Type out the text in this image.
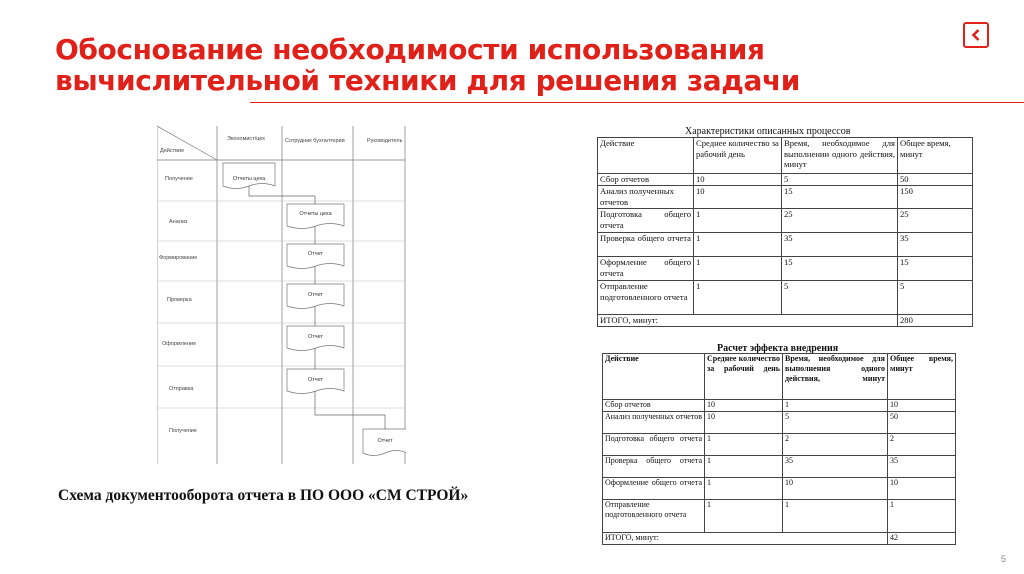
Обоснование необходимости использования
вычислительной техники для решения задачи
Действие
Экономист/цех	Сотрудник бухгалтерии	Руководитель
Получение
Анализ
Формирование
Проверка
Оформление
Отправка
Получение
Отчеты цеха
Отчеты цеха
Отчет
Отчет
Отчет
Отчет
Отчет
Схема документооборота отчета в ПО ООО «СМ СТРОЙ»
Характеристики описанных процессов
Действие	Среднее количество за рабочий день	Время, необходимое для выполнении одного действия, минут	Общее время, минут
Сбор отчетов	10	5	50
Анализ полученных отчетов	10	15	150
Подготовка общего отчета	1	25	25
Проверка общего отчета	1	35	35
Оформление общего отчета	1	15	15
Отправление подготовленного отчета	1	5	5
ИТОГО, минут:			280
Расчет эффекта внедрения
Действие	Среднее количество за рабочий день	Время, необходимое для выполнения одного действия, минут	Общее время, минут
Сбор отчетов	10	1	10
Анализ полученных отчетов	10	5	50
Подготовка общего отчета	1	2	2
Проверка общего отчета	1	35	35
Оформление общего отчета	1	10	10
Отправление подготовленного отчета	1	1	1
ИТОГО, минут:			42
5
